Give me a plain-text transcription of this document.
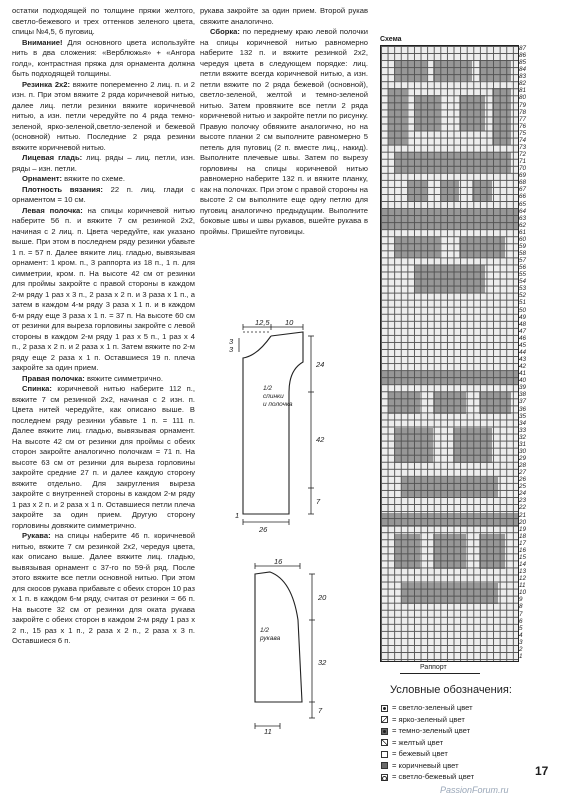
остатки подходящей по толщине пряжи желтого, светло-бежевого и трех оттенков зеленого цвета, спицы №4,5, 6 пуговиц.

Внимание! Для основного цвета используйте нить в два сложения: «Верблюжья» + «Ангора голд», контрастная пряжа для орнамента должна быть подходящей толщины.

Резинка 2х2: вяжите попеременно 2 лиц. п. и 2 изн. п. При этом вяжите 2 ряда коричневой нитью, далее лиц. петли резинки вяжите коричневой нитью, а изн. петли чередуйте по 4 ряда темно-зеленой, ярко-зеленой,светло-зеленой и бежевой (основной) нитью. Последние 2 ряда резинки вяжите коричневой нитью.

Лицевая гладь: лиц. ряды – лиц. петли, изн. ряды – изн. петли.

Орнамент: вяжите по схеме.

Плотность вязания: 22 п. лиц. глади с орнаментом = 10 см.

Левая полочка: на спицы коричневой нитью наберите 56 п. и вяжите 7 см резинкой 2х2, начиная с 2 лиц. п. Цвета чередуйте, как указано выше. При этом в последнем ряду резинки убавьте 1 п. = 57 п. Далее вяжите лиц. гладью, вывязывая орнамент: 1 кром. п., 3 раппорта из 18 п., 1 п. для симметрии, кром. п. На высоте 42 см от резинки для проймы закройте с правой стороны в каждом 2-м ряду 1 раз х 3 п., 2 раза х 2 п. и 3 раза х 1 п., а затем в каждом 4-м ряду 3 раза х 1 п. и в каждом 6-м ряду еще 3 раза х 1 п. = 37 п. На высоте 60 см от резинки для выреза горловины закройте с левой стороны в каждом 2-м ряду 1 раз х 5 п., 1 раз х 4 п., 2 раза х 2 п. и 2 раза х 1 п. Затем вяжите по 2-м ряду еще 2 раза х 1 п. Оставшиеся 19 п. плеча закройте за один прием.

Правая полочка: вяжите симметрично.

Спинка: коричневой нитью наберите 112 п., вяжите 7 см резинкой 2х2, начиная с 2 изн. п. Цвета нитей чередуйте, как описано выше. В последнем ряду резинки убавьте 1 п. = 111 п. Далее вяжите лиц. гладью, вывязывая орнамент. На высоте 42 см от резинки для проймы с обеих сторон закройте аналогично полочкам = 71 п. На высоте 63 см от резинки для выреза горловины закройте средние 27 п. и далее каждую сторону вяжите отдельно. Для закругления выреза закройте с внутренней стороны в каждом 2-м ряду 1 раз х 2 п. и 2 раза х 1 п. Оставшиеся петли плеча закройте за один прием. Другую сторону горловины довяжите симметрично.

Рукава: на спицы наберите 46 п. коричневой нитью, вяжите 7 см резинкой 2х2, чередуя цвета, как описано выше. Далее вяжите лиц. гладью, вывязывая орнамент с 37-го по 59-й ряд. После этого вяжите все петли основной нитью. При этом для скосов рукава прибавьте с обеих сторон 10 раз х 1 п. в каждом 6-м ряду, считая от резинки = 66 п. На высоте 32 см от резинки для оката рукава закройте с обеих сторон в каждом 2-м ряду 1 раз х 2 п., 15 раз х 1 п., 2 раза х 2 п., 2 раза х 3 п. Оставшиеся 6 п.

рукава закройте за один прием. Второй рукав свяжите аналогично.

Сборка: по переднему краю левой полочки на спицы коричневой нитью равномерно наберите 132 п. и вяжите резинкой 2х2, чередуя цвета в следующем порядке: лиц. петли вяжите всегда коричневой нитью, а изн. петли вяжите по 2 ряда бежевой (основной), светло-зеленой, желтой и темно-зеленой нитью. Затем провяжите все петли 2 ряда коричневой нитью и закройте петли по рисунку. Правую полочку обвяжите аналогично, но на высоте планки 2 см выполните равномерно 5 петель для пуговиц (2 п. вместе лиц., накид). Выполните плечевые швы. Затем по вырезу горловины на спицы коричневой нитью равномерно наберите 132 п. и вяжите планку, как на полочках. При этом с правой стороны на высоте 2 см выполните еще одну петлю для пуговиц аналогично предыдущим. Выполните боковые швы и швы рукавов, вшейте рукава в проймы. Пришейте пуговицы.

12,5 10
3
3
24
42
7
1
26
1/2
спинки
и полочка
16
20
32
7
11
1/2
рукава
Схема
87
86
85
84
83
82
81
80
79
78
77
76
75
74
73
72
71
70
69
68
67
66
65
64
63
62
61
60
59
58
57
56
55
54
53
52
51
50
49
48
47
46
45
44
43
42
41
40
39
38
37
36
35
34
33
32
31
30
29
28
27
26
25
24
23
22
21
20
19
18
17
16
15
14
13
12
11
10
9
8
7
6
5
4
3
2
1
Раппорт
Условные обозначения:
= светло-зеленый цвет
= ярко-зеленый цвет
= темно-зеленый цвет
= желтый цвет
= бежевый цвет
= коричневый цвет
= светло-бежевый цвет	17
PassionForum.ru
